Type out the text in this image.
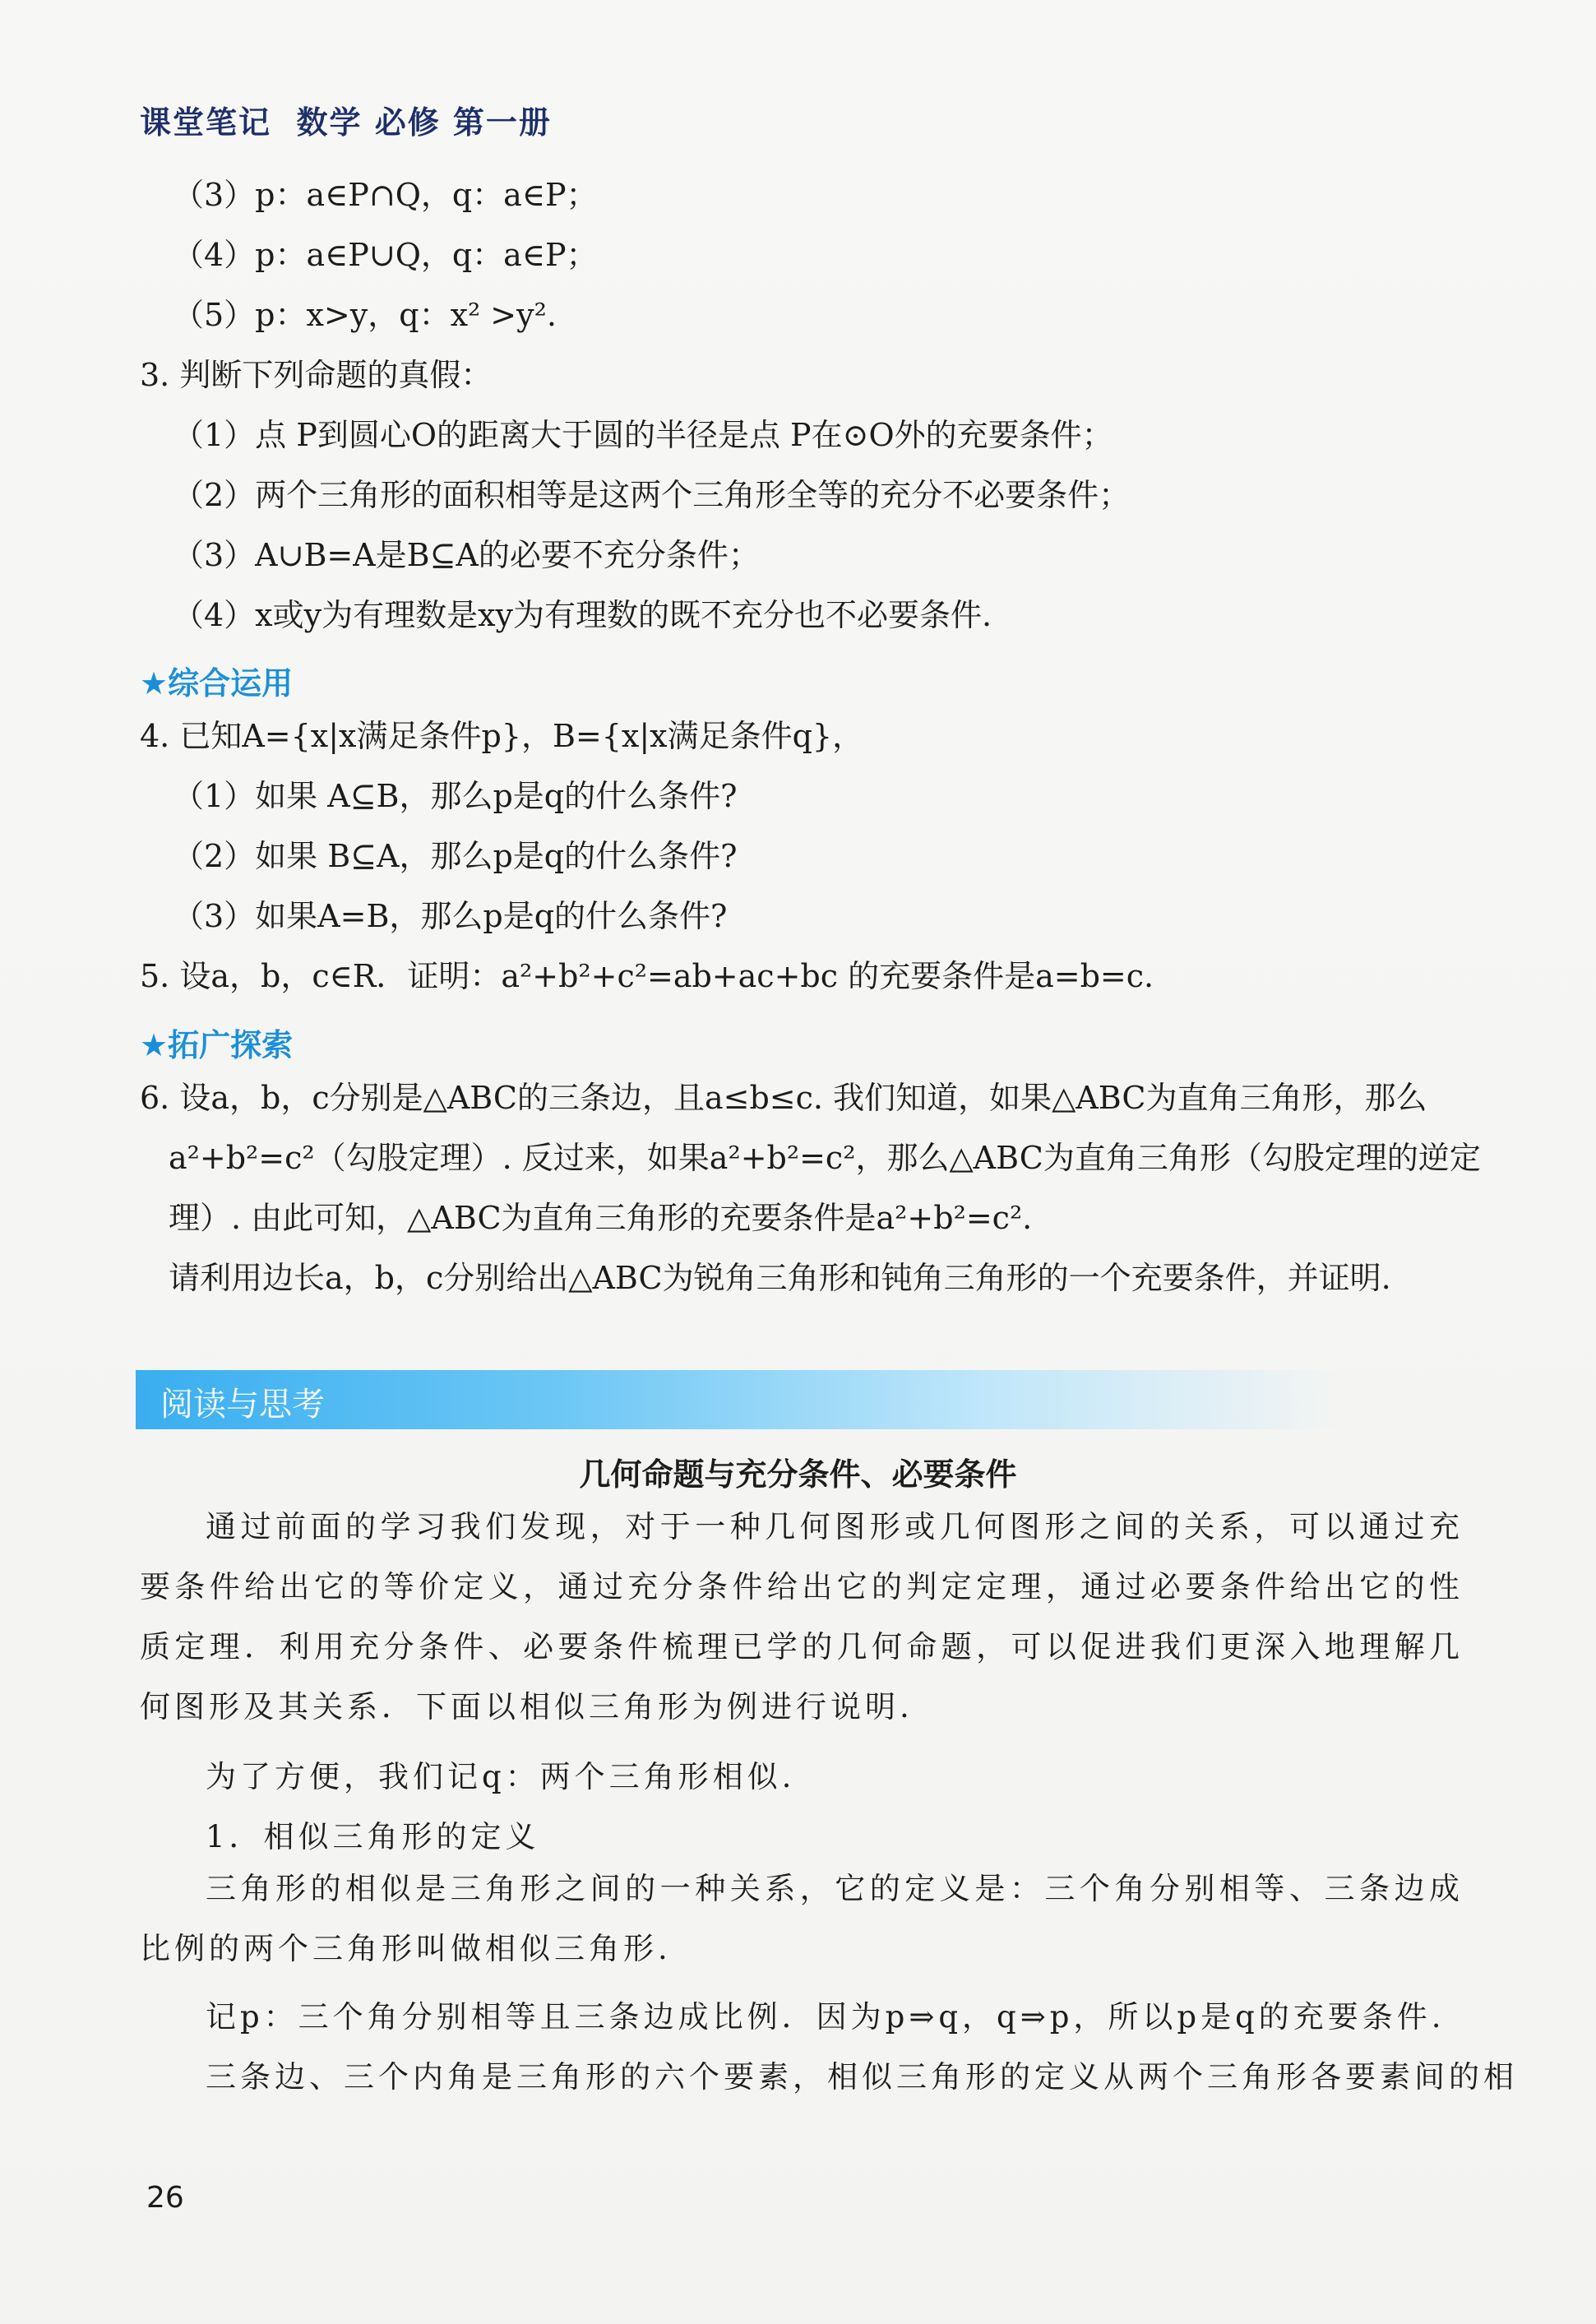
课堂笔记  数学 必修 第一册
（3）p：a∈P∩Q，q：a∈P；
（4）p：a∈P∪Q，q：a∈P；
（5）p：x>y，q：x² >y².
3. 判断下列命题的真假：
（1）点 P到圆心O的距离大于圆的半径是点 P在⊙O外的充要条件；
（2）两个三角形的面积相等是这两个三角形全等的充分不必要条件；
（3）A∪B=A是B⊆A的必要不充分条件；
（4）x或y为有理数是xy为有理数的既不充分也不必要条件.
★综合运用
4. 已知A={x|x满足条件p}，B={x|x满足条件q}，
（1）如果 A⊆B，那么p是q的什么条件?
（2）如果 B⊆A，那么p是q的什么条件?
（3）如果A=B，那么p是q的什么条件?
5. 设a，b，c∈R．证明：a²+b²+c²=ab+ac+bc 的充要条件是a=b=c.
★拓广探索
6. 设a，b，c分别是△ABC的三条边，且a≤b≤c. 我们知道，如果△ABC为直角三角形，那么
a²+b²=c²（勾股定理）. 反过来，如果a²+b²=c²，那么△ABC为直角三角形（勾股定理的逆定
理）. 由此可知，△ABC为直角三角形的充要条件是a²+b²=c².
请利用边长a，b，c分别给出△ABC为锐角三角形和钝角三角形的一个充要条件，并证明.
阅读与思考
几何命题与充分条件、必要条件
通过前面的学习我们发现，对于一种几何图形或几何图形之间的关系，可以通过充要条件给出它的等价定义，通过充分条件给出它的判定定理，通过必要条件给出它的性质定理．利用充分条件、必要条件梳理已学的几何命题，可以促进我们更深入地理解几何图形及其关系．下面以相似三角形为例进行说明.
为了方便，我们记q：两个三角形相似.
1．相似三角形的定义
三角形的相似是三角形之间的一种关系，它的定义是：三个角分别相等、三条边成比例的两个三角形叫做相似三角形.
记p：三个角分别相等且三条边成比例．因为p⇒q，q⇒p，所以p是q的充要条件.
三条边、三个内角是三角形的六个要素，相似三角形的定义从两个三角形各要素间的相
26
